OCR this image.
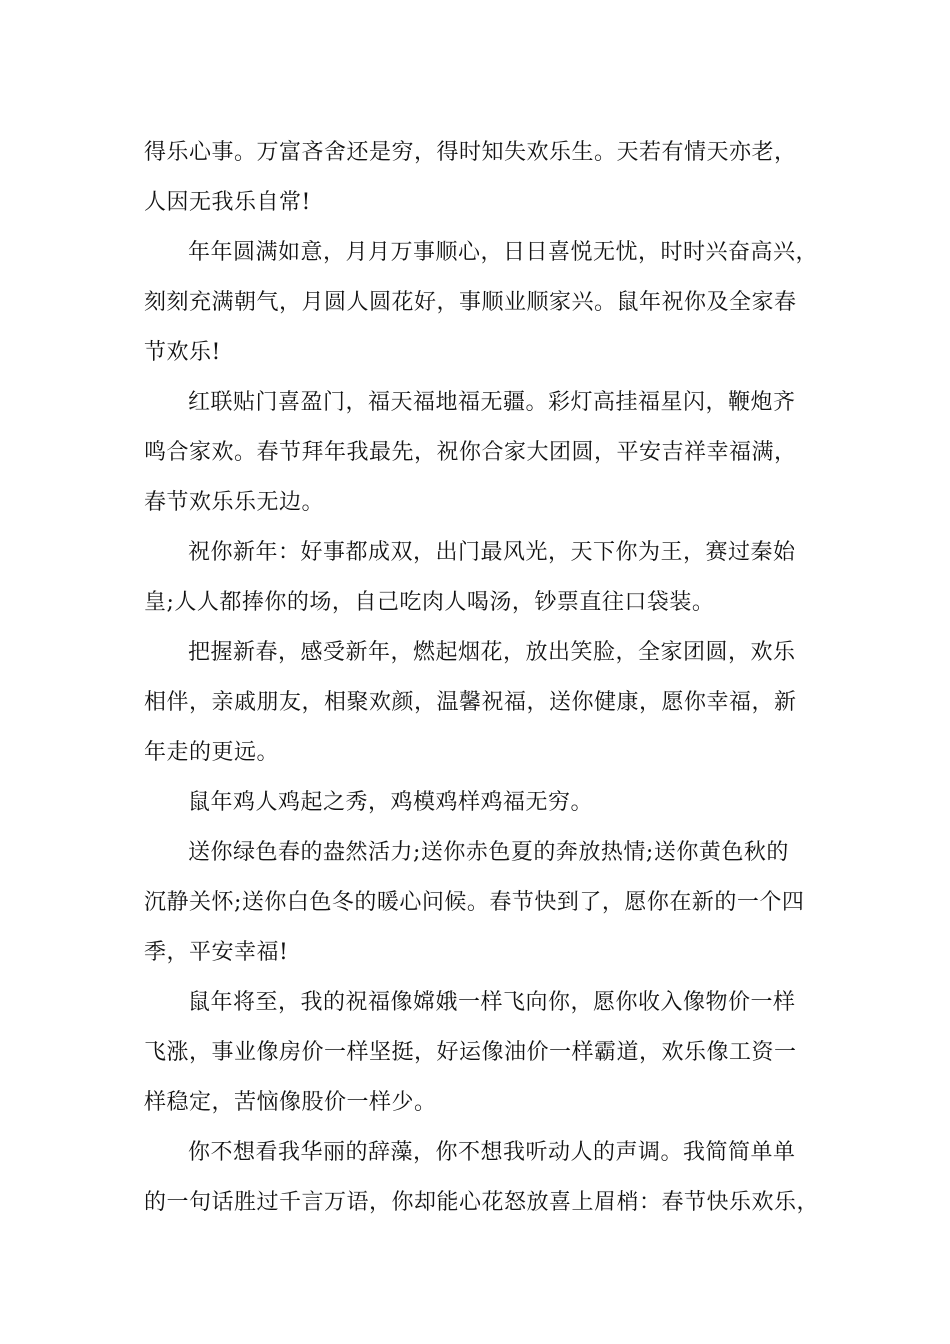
得乐心事。万富吝舍还是穷，得时知失欢乐生。天若有情天亦老，
人因无我乐自常!

年年圆满如意，月月万事顺心，日日喜悦无忧，时时兴奋高兴，
刻刻充满朝气，月圆人圆花好，事顺业顺家兴。鼠年祝你及全家春
节欢乐!

红联贴门喜盈门，福天福地福无疆。彩灯高挂福星闪，鞭炮齐
鸣合家欢。春节拜年我最先，祝你合家大团圆，平安吉祥幸福满，
春节欢乐乐无边。

祝你新年：好事都成双，出门最风光，天下你为王，赛过秦始
皇;人人都捧你的场，自己吃肉人喝汤，钞票直往口袋装。

把握新春，感受新年，燃起烟花，放出笑脸，全家团圆，欢乐
相伴，亲戚朋友，相聚欢颜，温馨祝福，送你健康，愿你幸福，新
年走的更远。

鼠年鸡人鸡起之秀，鸡模鸡样鸡福无穷。

送你绿色春的盎然活力;送你赤色夏的奔放热情;送你黄色秋的
沉静关怀;送你白色冬的暖心问候。春节快到了，愿你在新的一个四
季，平安幸福!

鼠年将至，我的祝福像嫦娥一样飞向你，愿你收入像物价一样
飞涨，事业像房价一样坚挺，好运像油价一样霸道，欢乐像工资一
样稳定，苦恼像股价一样少。

你不想看我华丽的辞藻，你不想我听动人的声调。我简简单单
的一句话胜过千言万语，你却能心花怒放喜上眉梢：春节快乐欢乐，
